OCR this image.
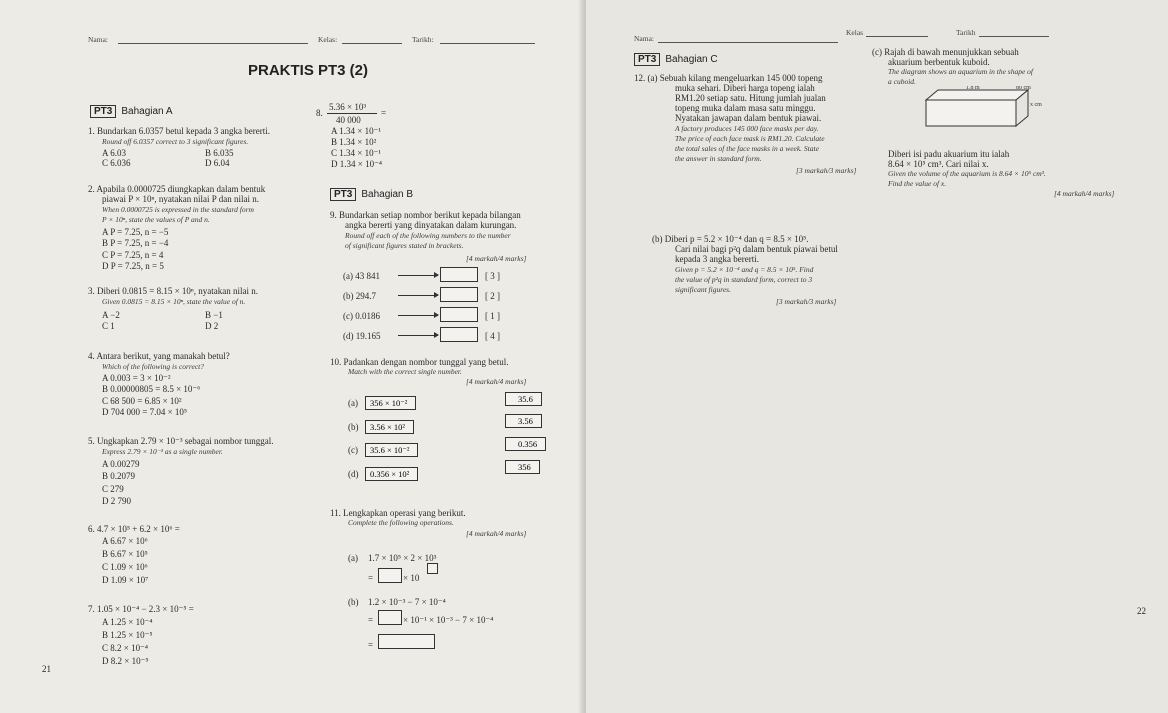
Nama:	Kelas:	Tarikh:
PRAKTIS PT3 (2)
PT3 Bahagian A
1. Bundarkan 6.0357 betul kepada 3 angka bererti.
Round off 6.0357 correct to 3 significant figures.
A 6.03	B 6.035
C 6.036	D 6.04
2. Apabila 0.0000725 diungkapkan dalam bentuk
piawai P × 10ⁿ, nyatakan nilai P dan nilai n.
When 0.0000725 is expressed in the standard form
P × 10ⁿ, state the values of P and n.
A P = 7.25, n = −5
B P = 7.25, n = −4
C P = 7.25, n = 4
D P = 7.25, n = 5
3. Diberi 0.0815 = 8.15 × 10ⁿ, nyatakan nilai n.
Given 0.0815 = 8.15 × 10ⁿ, state the value of n.
A −2	B −1
C 1	D 2
4. Antara berikut, yang manakah betul?
Which of the following is correct?
A 0.003 = 3 × 10⁻²
B 0.00000805 = 8.5 × 10⁻⁶
C 68 500 = 6.85 × 10²
D 704 000 = 7.04 × 10⁵
5. Ungkapkan 2.79 × 10⁻³ sebagai nombor tunggal.
Express 2.79 × 10⁻³ as a single number.
A 0.00279
B 0.2079
C 279
D 2 790
6. 4.7 × 10⁵ + 6.2 × 10⁶ =
A 6.67 × 10⁶
B 6.67 × 10⁵
C 1.09 × 10⁶
D 1.09 × 10⁷
7. 1.05 × 10⁻⁴ − 2.3 × 10⁻⁵ =
A 1.25 × 10⁻⁴
B 1.25 × 10⁻⁵
C 8.2 × 10⁻⁴
D 8.2 × 10⁻⁵
8.
5.36 × 10³
40 000
=
A 1.34 × 10⁻¹
B 1.34 × 10²
C 1.34 × 10⁻¹
D 1.34 × 10⁻⁴
PT3 Bahagian B
9. Bundarkan setiap nombor berikut kepada bilangan
angka bererti yang dinyatakan dalam kurungan.
Round off each of the following numbers to the number
of significant figures stated in brackets.
[4 markah/4 marks]
(a) 43 841	[ 3 ]
(b) 294.7	[ 2 ]
(c) 0.0186	[ 1 ]
(d) 19.165	[ 4 ]
10. Padankan dengan nombor tunggal yang betul.
Match with the correct single number.
[4 markah/4 marks]
(a)	356 × 10⁻²
(b)	3.56 × 10²
(c)	35.6 × 10⁻²
(d)	0.356 × 10²
35.6
3.56
0.356
356
11. Lengkapkan operasi yang berikut.
Complete the following operations.
[4 markah/4 marks]
(a) 1.7 × 10⁵ × 2 × 10³
=	× 10
(b) 1.2 × 10⁻³ − 7 × 10⁻⁴
=	× 10⁻¹ × 10⁻³ − 7 × 10⁻⁴
=
21
Nama:
Kelas	Tarikh
PT3 Bahagian C
12. (a) Sebuah kilang mengeluarkan 145 000 topeng
muka sehari. Diberi harga topeng ialah
RM1.20 setiap satu. Hitung jumlah jualan
topeng muka dalam masa satu minggu.
Nyatakan jawapan dalam bentuk piawai.
A factory produces 145 000 face masks per day.
The price of each face mask is RM1.20. Calculate
the total sales of the face masks in a week. State
the answer in standard form.
[3 markah/3 marks]
(b) Diberi p = 5.2 × 10⁻⁴ dan q = 8.5 × 10⁵.
Cari nilai bagi p²q dalam bentuk piawai betul
kepada 3 angka bererti.
Given p = 5.2 × 10⁻⁴ and q = 8.5 × 10⁵. Find
the value of p²q in standard form, correct to 3
significant figures.
[3 markah/3 marks]
(c) Rajah di bawah menunjukkan sebuah
akuarium berbentuk kuboid.
The diagram shows an aquarium in the shape of
a cuboid.
1.8 m	80 cm
x cm
Diberi isi padu akuarium itu ialah
8.64 × 10⁵ cm³. Cari nilai x.
Given the volume of the aquarium is 8.64 × 10⁵ cm³.
Find the value of x.
[4 markah/4 marks]
22
